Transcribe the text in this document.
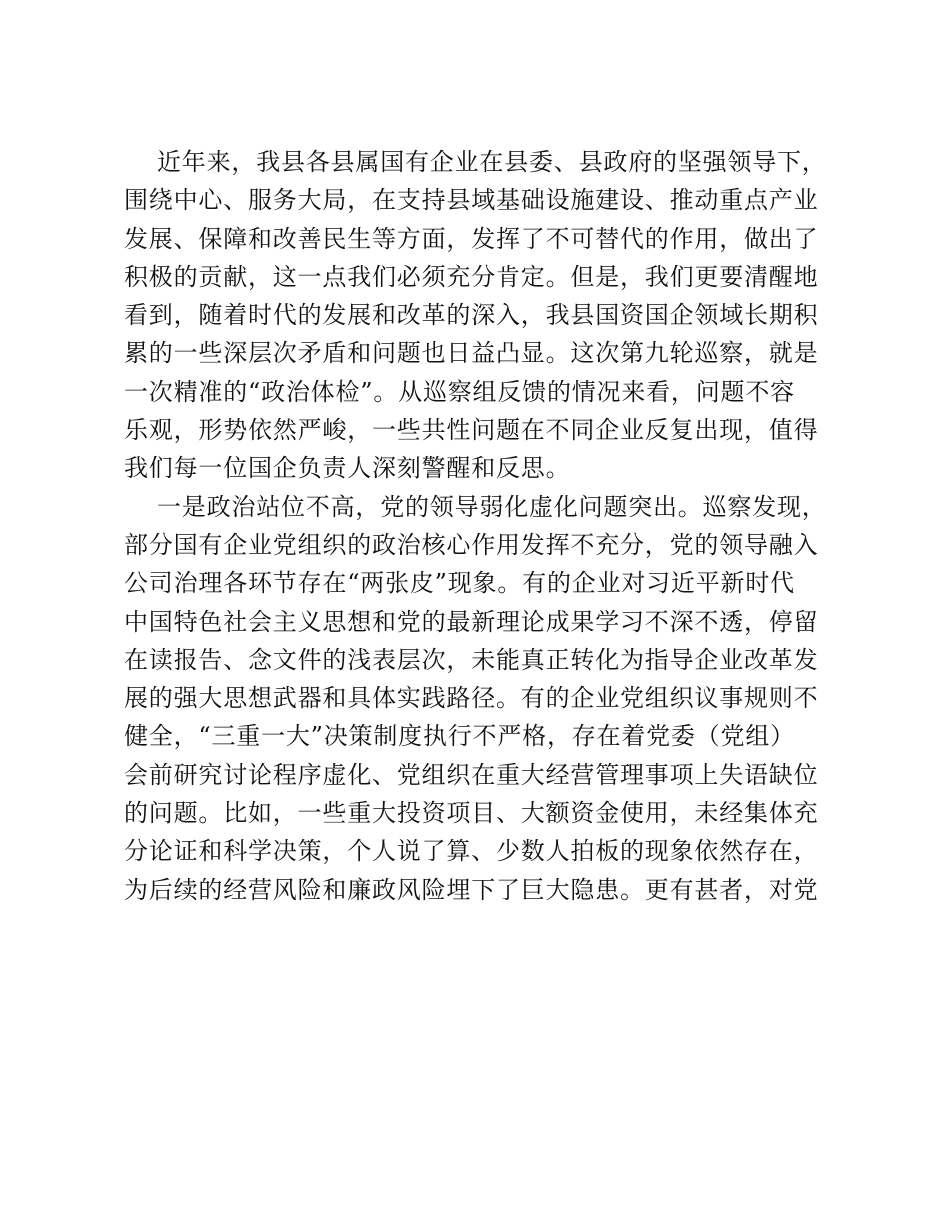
近年来，我县各县属国有企业在县委、县政府的坚强领导下，
围绕中心、服务大局，在支持县域基础设施建设、推动重点产业
发展、保障和改善民生等方面，发挥了不可替代的作用，做出了
积极的贡献，这一点我们必须充分肯定。但是，我们更要清醒地
看到，随着时代的发展和改革的深入，我县国资国企领域长期积
累的一些深层次矛盾和问题也日益凸显。这次第九轮巡察，就是
一次精准的“政治体检”。从巡察组反馈的情况来看，问题不容
乐观，形势依然严峻，一些共性问题在不同企业反复出现，值得
我们每一位国企负责人深刻警醒和反思。
一是政治站位不高，党的领导弱化虚化问题突出。巡察发现，
部分国有企业党组织的政治核心作用发挥不充分，党的领导融入
公司治理各环节存在“两张皮”现象。有的企业对习近平新时代
中国特色社会主义思想和党的最新理论成果学习不深不透，停留
在读报告、念文件的浅表层次，未能真正转化为指导企业改革发
展的强大思想武器和具体实践路径。有的企业党组织议事规则不
健全，“三重一大”决策制度执行不严格，存在着党委（党组）
会前研究讨论程序虚化、党组织在重大经营管理事项上失语缺位
的问题。比如，一些重大投资项目、大额资金使用，未经集体充
分论证和科学决策，个人说了算、少数人拍板的现象依然存在，
为后续的经营风险和廉政风险埋下了巨大隐患。更有甚者，对党
